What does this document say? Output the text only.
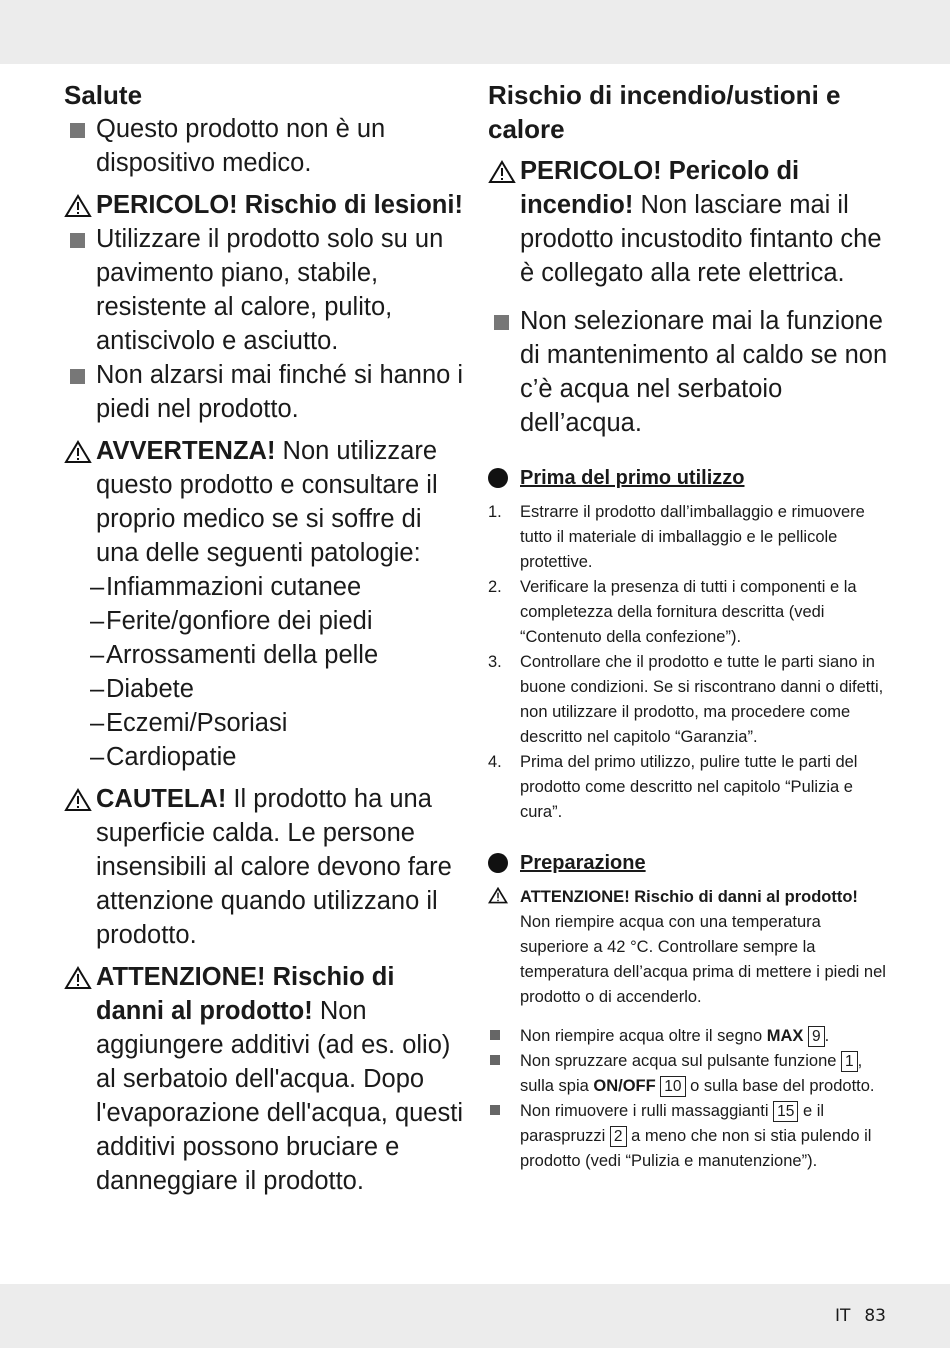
Salute
Questo prodotto non è un dispositivo medico.
PERICOLO! Rischio di lesioni!
Utilizzare il prodotto solo su un pavimento piano, stabile, resistente al calore, pulito, antiscivolo e asciutto.
Non alzarsi mai finché si hanno i piedi nel prodotto.
AVVERTENZA! Non utilizzare questo prodotto e consultare il proprio medico se si soffre di una delle seguenti patologie:
– Infiammazioni cutanee
– Ferite/gonfiore dei piedi
– Arrossamenti della pelle
– Diabete
– Eczemi/Psoriasi
– Cardiopatie
CAUTELA! Il prodotto ha una superficie calda. Le persone insensibili al calore devono fare attenzione quando utilizzano il prodotto.
ATTENZIONE! Rischio di danni al prodotto! Non aggiungere additivi (ad es. olio) al serbatoio dell'acqua. Dopo l'evaporazione dell'acqua, questi additivi possono bruciare e danneggiare il prodotto.
Rischio di incendio/ustioni e calore
PERICOLO! Pericolo di incendio! Non lasciare mai il prodotto incustodito fintanto che è collegato alla rete elettrica.
Non selezionare mai la funzione di mantenimento al caldo se non c’è acqua nel serbatoio dell’acqua.
Prima del primo utilizzo
1.	Estrarre il prodotto dall’imballaggio e rimuovere tutto il materiale di imballaggio e le pellicole protettive.
2.	Verificare la presenza di tutti i componenti e la completezza della fornitura descritta (vedi “Contenuto della confezione”).
3.	Controllare che il prodotto e tutte le parti siano in buone condizioni. Se si riscontrano danni o difetti, non utilizzare il prodotto, ma procedere come descritto nel capitolo “Garanzia”.
4.	Prima del primo utilizzo, pulire tutte le parti del prodotto come descritto nel capitolo “Pulizia e cura”.
Preparazione
ATTENZIONE! Rischio di danni al prodotto!
Non riempire acqua con una temperatura superiore a 42 °C. Controllare sempre la temperatura dell’acqua prima di mettere i piedi nel prodotto o di accenderlo.
Non riempire acqua oltre il segno MAX 9 .
Non spruzzare acqua sul pulsante funzione 1 , sulla spia ON/OFF 10 o sulla base del prodotto.
Non rimuovere i rulli massaggianti 15 e il paraspruzzi 2 a meno che non si stia pulendo il prodotto (vedi “Pulizia e manutenzione”).
IT 83
